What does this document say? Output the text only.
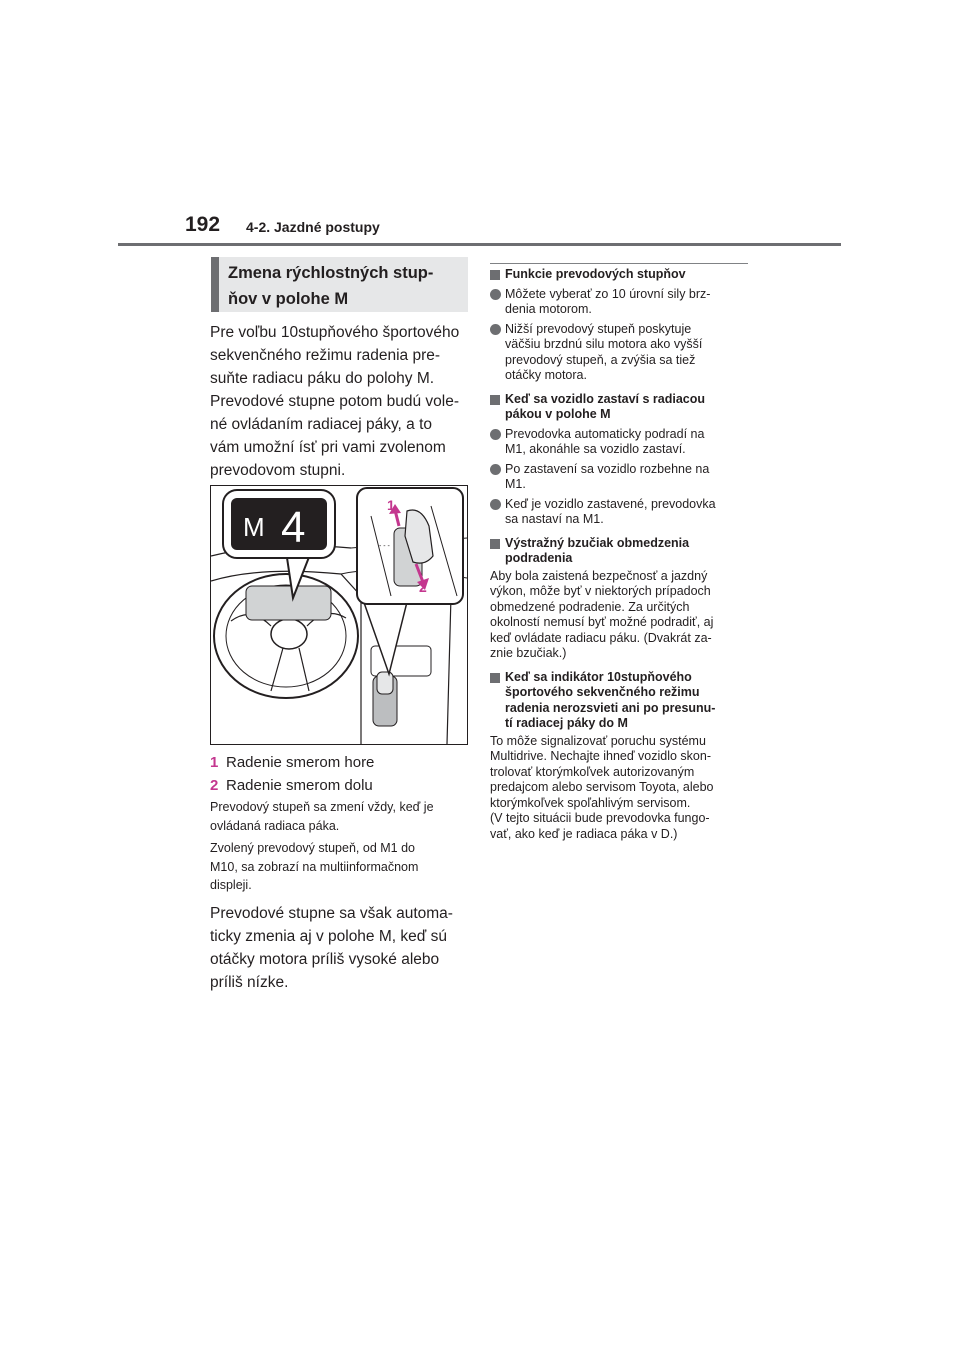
192 4-2. Jazdné postupy
Zmena rýchlostných stup-
ňov v polohe M

Pre voľbu 10stupňového športového
sekvenčného režimu radenia pre-
suňte radiacu páku do polohy M.
Prevodové stupne potom budú vole-
né ovládaním radiacej páky, a to
vám umožní ísť pri vami zvolenom
prevodovom stupni.

M 4	- - -
1
2
1 Radenie smerom hore
2 Radenie smerom dolu

Prevodový stupeň sa zmení vždy, keď je
ovládaná radiaca páka.

Zvolený prevodový stupeň, od M1 do
M10, sa zobrazí na multiinformačnom
displeji.

Prevodové stupne sa však automa-
ticky zmenia aj v polohe M, keď sú
otáčky motora príliš vysoké alebo
príliš nízke.

Funkcie prevodových stupňov
Môžete vyberať zo 10 úrovní sily brz-
denia motorom.
Nižší prevodový stupeň poskytuje
väčšiu brzdnú silu motora ako vyšší
prevodový stupeň, a zvýšia sa tiež
otáčky motora.
Keď sa vozidlo zastaví s radiacou
pákou v polohe M
Prevodovka automaticky podradí na
M1, akonáhle sa vozidlo zastaví.
Po zastavení sa vozidlo rozbehne na
M1.
Keď je vozidlo zastavené, prevodovka
sa nastaví na M1.
Výstražný bzučiak obmedzenia
podradenia
Aby bola zaistená bezpečnosť a jazdný
výkon, môže byť v niektorých prípadoch
obmedzené podradenie. Za určitých
okolností nemusí byť možné podradiť, aj
keď ovládate radiacu páku. (Dvakrát za-
znie bzučiak.)
Keď sa indikátor 10stupňového
športového sekvenčného režimu
radenia nerozsvieti ani po presunu-
tí radiacej páky do M
To môže signalizovať poruchu systému
Multidrive. Nechajte ihneď vozidlo skon-
trolovať ktorýmkoľvek autorizovaným
predajcom alebo servisom Toyota, alebo
ktorýmkoľvek spoľahlivým servisom.
(V tejto situácii bude prevodovka fungo-
vať, ako keď je radiaca páka v D.)
